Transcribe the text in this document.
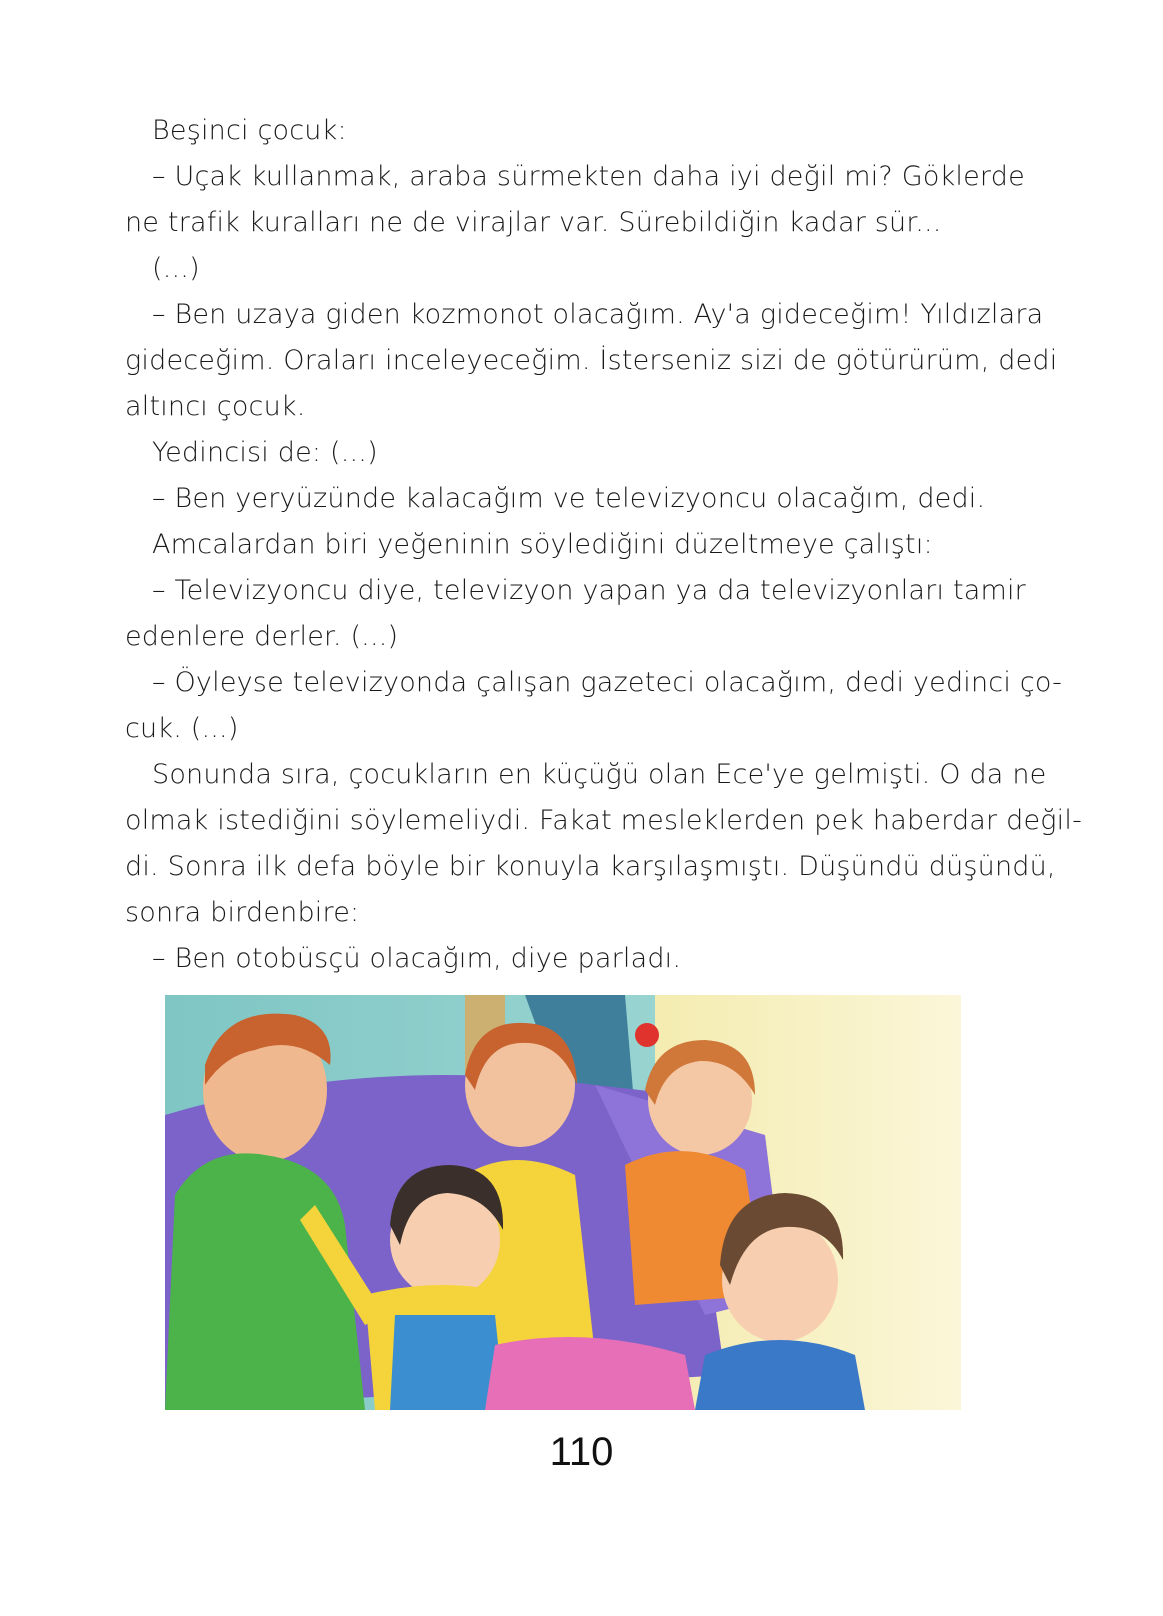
Beşinci çocuk:
– Uçak kullanmak, araba sürmekten daha iyi değil mi? Göklerde
ne trafik kuralları ne de virajlar var. Sürebildiğin kadar sür...
(...)
– Ben uzaya giden kozmonot olacağım. Ay'a gideceğim! Yıldızlara
gideceğim. Oraları inceleyeceğim. İsterseniz sizi de götürürüm, dedi
altıncı çocuk.
Yedincisi de: (...)
– Ben yeryüzünde kalacağım ve televizyoncu olacağım, dedi.
Amcalardan biri yeğeninin söylediğini düzeltmeye çalıştı:
– Televizyoncu diye, televizyon yapan ya da televizyonları tamir
edenlere derler. (...)
– Öyleyse televizyonda çalışan gazeteci olacağım, dedi yedinci ço-
cuk. (...)
Sonunda sıra, çocukların en küçüğü olan Ece'ye gelmişti. O da ne
olmak istediğini söylemeliydi. Fakat mesleklerden pek haberdar değil-
di. Sonra ilk defa böyle bir konuyla karşılaşmıştı. Düşündü düşündü,
sonra birdenbire:
– Ben otobüsçü olacağım, diye parladı.
110
